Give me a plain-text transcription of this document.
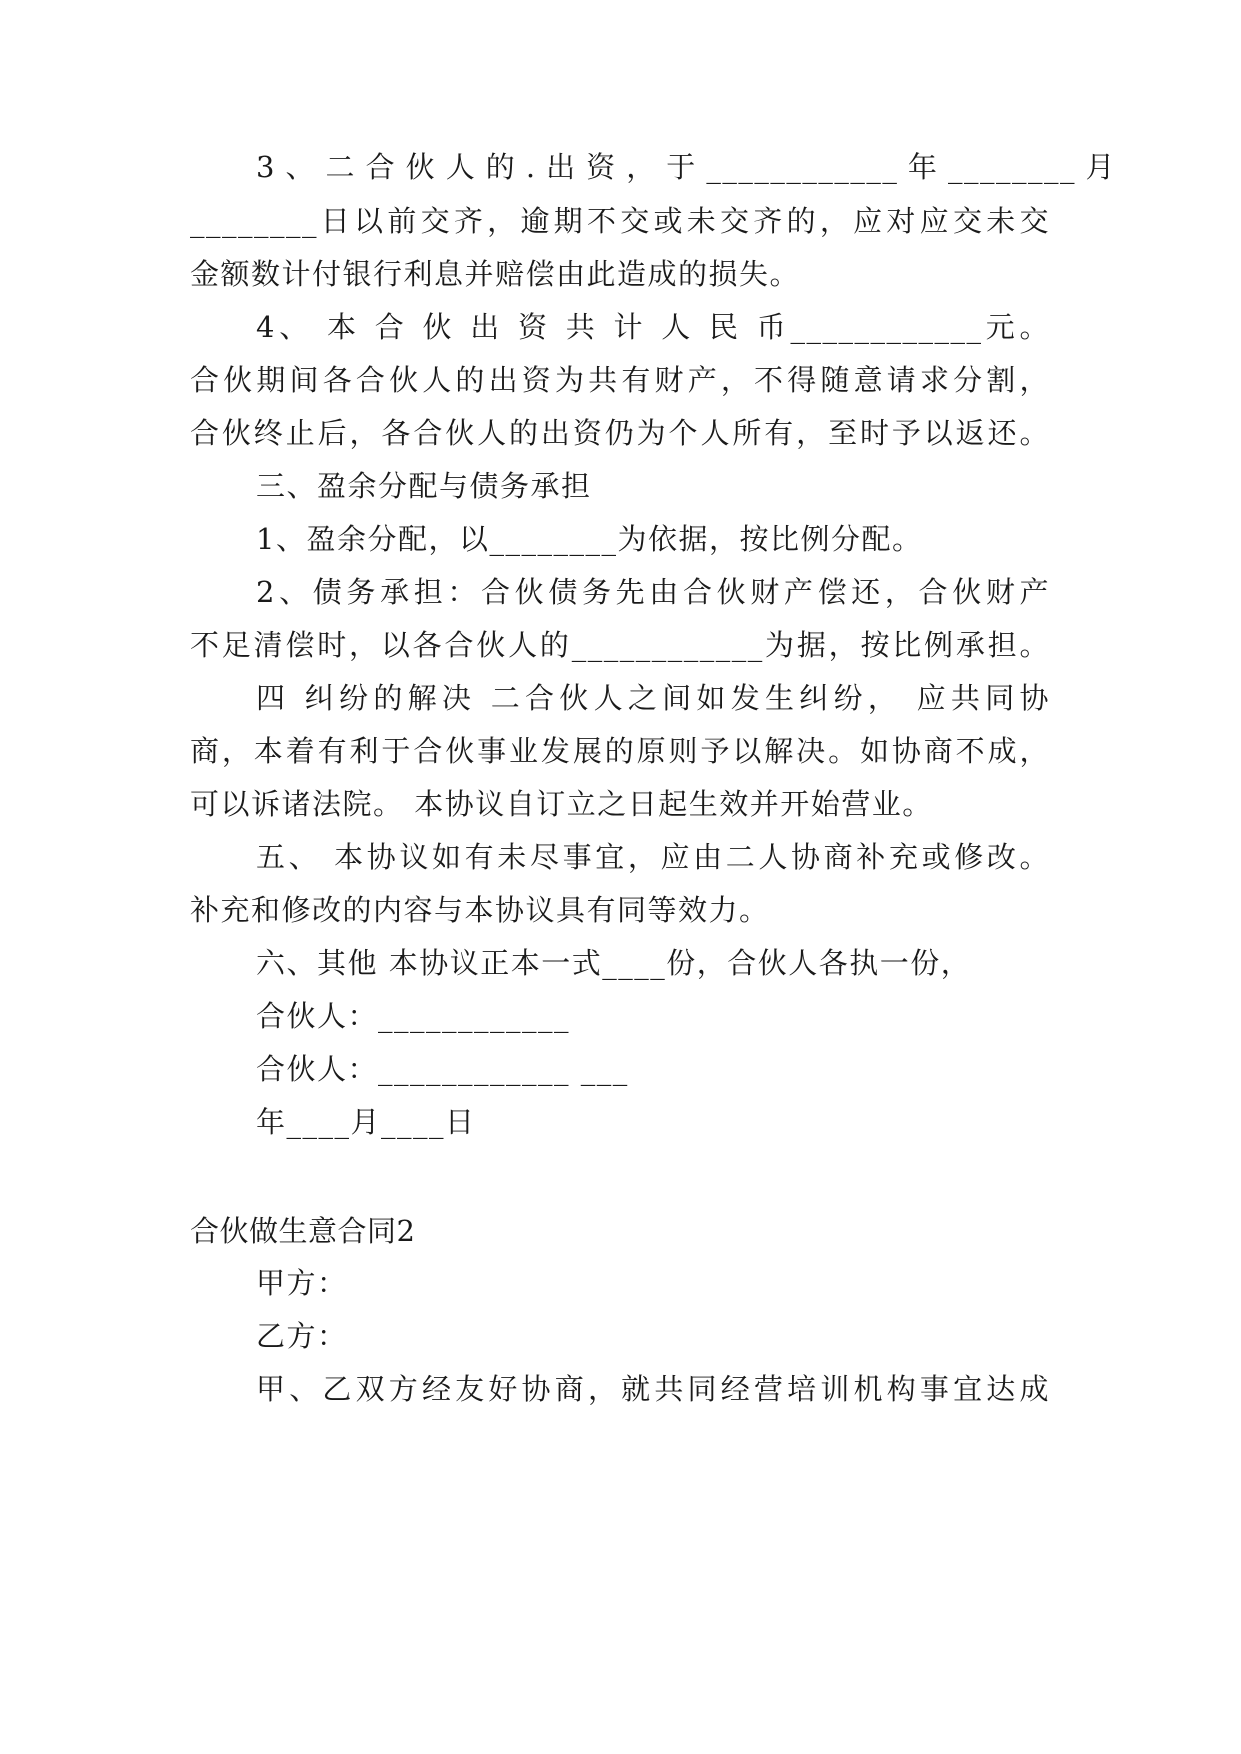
3、二合伙人的.出资，于____________年________月
________日以前交齐，逾期不交或未交齐的，应对应交未交
金额数计付银行利息并赔偿由此造成的损失。
4、 本 合 伙 出 资 共 计 人 民 币____________元。
合伙期间各合伙人的出资为共有财产，不得随意请求分割，
合伙终止后，各合伙人的出资仍为个人所有，至时予以返还。
三、盈余分配与债务承担
1、盈余分配，以________为依据，按比例分配。
2、债务承担：合伙债务先由合伙财产偿还，合伙财产
不足清偿时，以各合伙人的____________为据，按比例承担。
四 纠纷的解决 二合伙人之间如发生纠纷， 应共同协
商，本着有利于合伙事业发展的原则予以解决。如协商不成，
可以诉诸法院。 本协议自订立之日起生效并开始营业。
五、 本协议如有未尽事宜，应由二人协商补充或修改。
补充和修改的内容与本协议具有同等效力。
六、其他 本协议正本一式____份，合伙人各执一份，
合伙人：____________
合伙人：____________ ___
年____月____日
合伙做生意合同2
甲方：
乙方：
甲、乙双方经友好协商，就共同经营培训机构事宜达成
